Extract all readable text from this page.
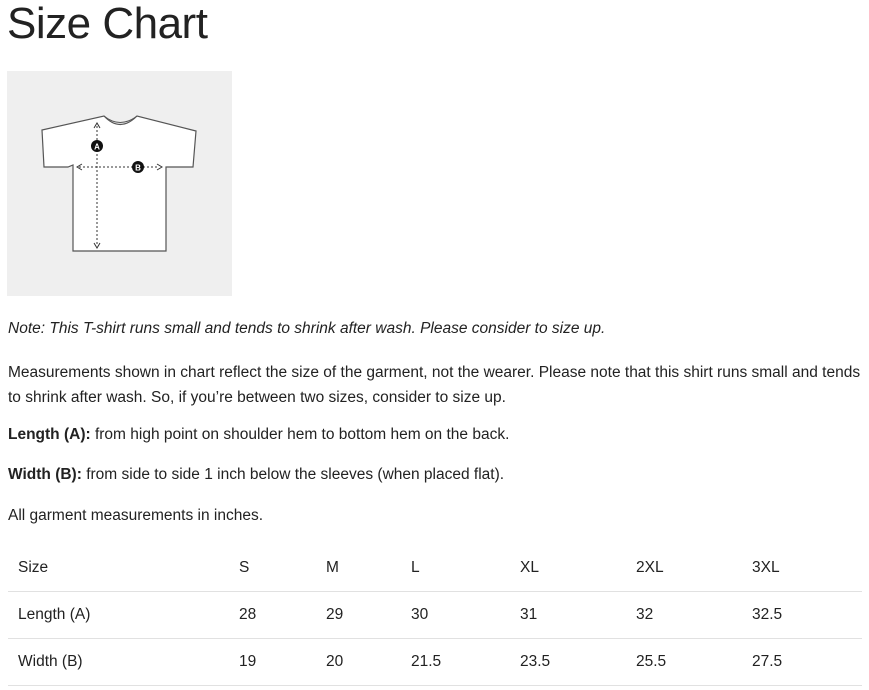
Size Chart
A
B

Note: This T-shirt runs small and tends to shrink after wash. Please consider to size up.

Measurements shown in chart reflect the size of the garment, not the wearer. Please note that this shirt runs small and tends to shrink after wash. So, if you’re between two sizes, consider to size up.

Length (A): from high point on shoulder hem to bottom hem on the back.

Width (B): from side to side 1 inch below the sleeves (when placed flat).

All garment measurements in inches.

Size	S	M	L	XL	2XL	3XL
Length (A)	28	29	30	31	32	32.5
Width (B)	19	20	21.5	23.5	25.5	27.5
